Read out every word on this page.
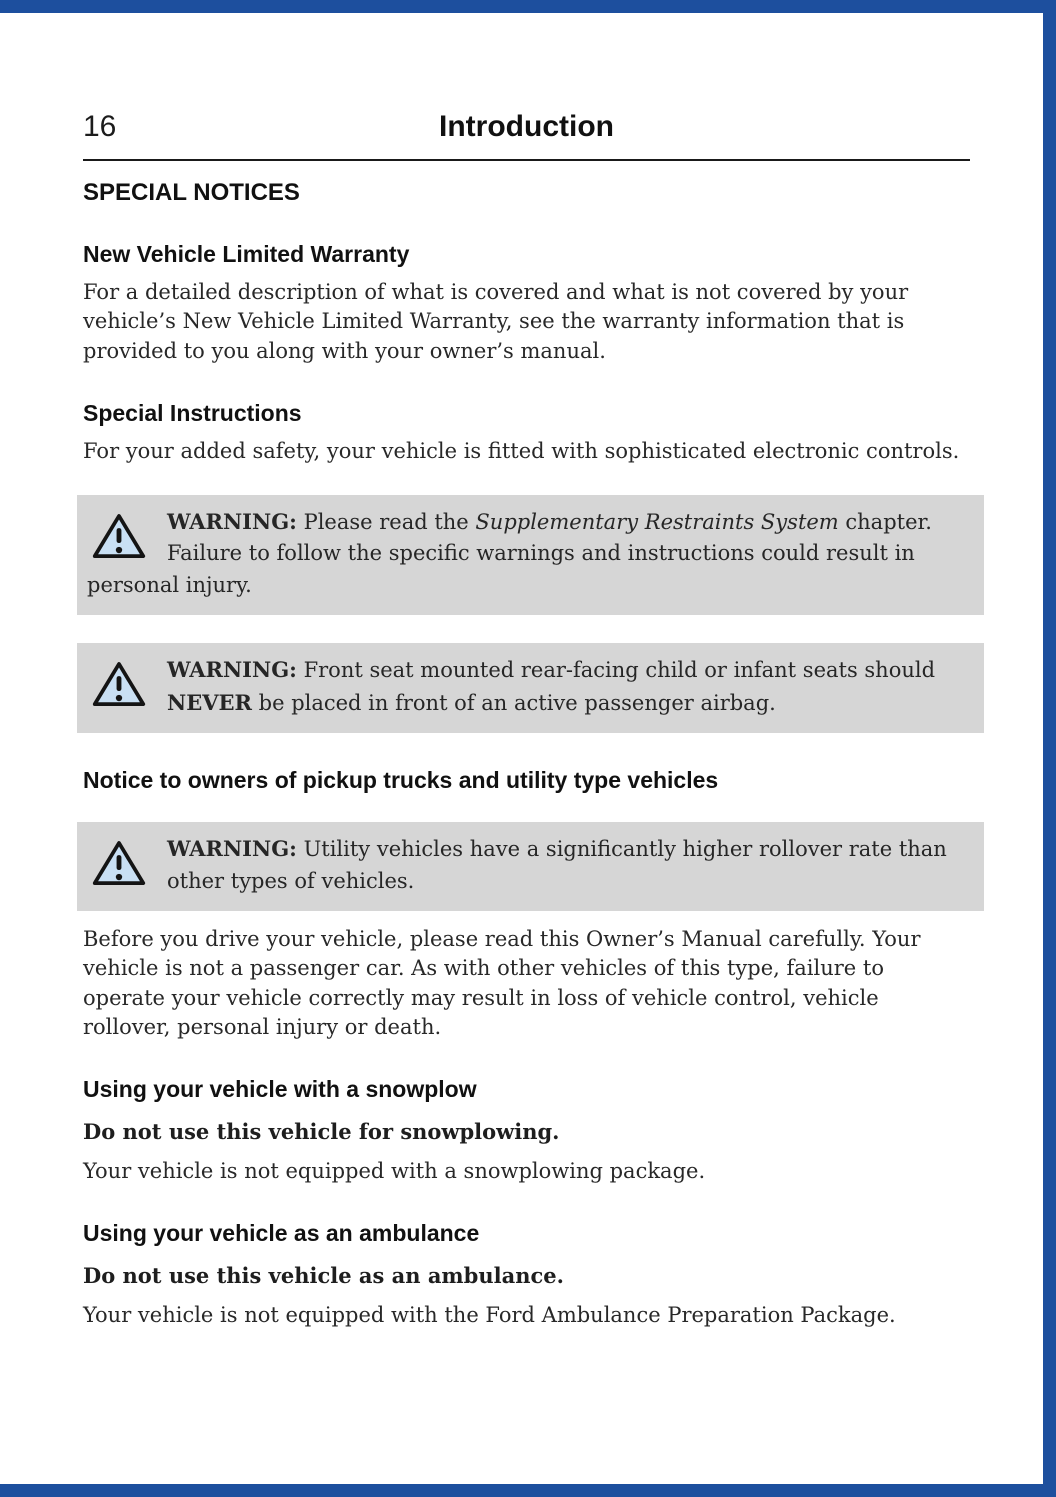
16	Introduction
SPECIAL NOTICES
New Vehicle Limited Warranty

For a detailed description of what is covered and what is not covered by your vehicle’s New Vehicle Limited Warranty, see the warranty information that is provided to you along with your owner’s manual.

Special Instructions

For your added safety, your vehicle is fitted with sophisticated electronic controls.

WARNING: Please read the Supplementary Restraints System chapter. Failure to follow the specific warnings and instructions could result in personal injury.

WARNING: Front seat mounted rear-facing child or infant seats should NEVER be placed in front of an active passenger airbag.

Notice to owners of pickup trucks and utility type vehicles

WARNING: Utility vehicles have a significantly higher rollover rate than other types of vehicles.

Before you drive your vehicle, please read this Owner’s Manual carefully. Your vehicle is not a passenger car. As with other vehicles of this type, failure to operate your vehicle correctly may result in loss of vehicle control, vehicle rollover, personal injury or death.

Using your vehicle with a snowplow

Do not use this vehicle for snowplowing.

Your vehicle is not equipped with a snowplowing package.

Using your vehicle as an ambulance

Do not use this vehicle as an ambulance.

Your vehicle is not equipped with the Ford Ambulance Preparation Package.
